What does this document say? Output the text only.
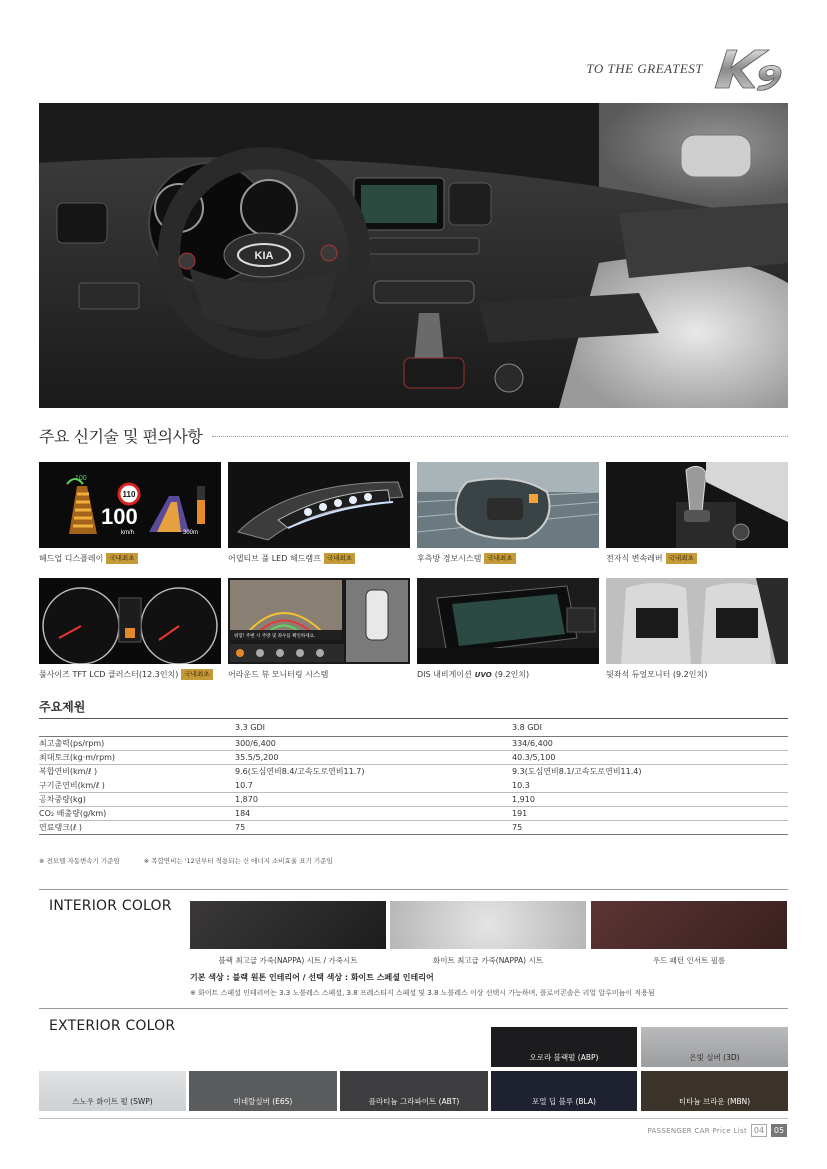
TO THE GREATEST
KIA
주요 신기술 및 편의사항
100
110
100
km/h	300m
헤드업 디스플레이 국내최초	어댑티브 풀 LED 헤드램프 국내최초	후측방 경보시스템 국내최초	전자식 변속레버 국내최초
풀사이즈 TFT LCD 클러스터(12.3인치) 국내최초
위험! 주변 시 주방 및 좌우를 확인하세요.
어라운드 뷰 모니터링 시스템	DIS 내비게이션 UVO (9.2인치)	뒷좌석 듀얼모니터 (9.2인치)
주요제원
	3.3 GDI	3.8 GDI
최고출력(ps/rpm)	300/6,400	334/6,400
최대토크(kg·m/rpm)	35.5/5,200	40.3/5,100
복합연비(km/ℓ )	9.6(도심연비8.4/고속도로연비11.7)	9.3(도심연비8.1/고속도로연비11.4)
구기준연비(km/ℓ )	10.7	10.3
공차중량(kg)	1,870	1,910
CO₂ 배출량(g/km)	184	191
연료탱크(ℓ )	75	75
※ 전모델 자동변속기 기준임	※ 복합연비는 '12년부터 적용되는 신 에너지 소비효율 표기 기준임
INTERIOR COLOR
블랙 최고급 가죽(NAPPA) 시트 / 가죽시트	화이트 최고급 가죽(NAPPA) 시트	우드 패턴 인서트 필름
기본 색상 : 블랙 원톤 인테리어 / 선택 색상 : 화이트 스페셜 인테리어
※ 화이트 스페셜 인테리어는 3.3 노블레스 스페셜, 3.8 프레스티지 스페셜 및 3.8 노블레스 이상 선택시 가능하며, 플로어콘솔은 리얼 알루미늄이 적용됨
EXTERIOR COLOR
오로라 블랙펄 (ABP)	은빛 실버 (3D)
스노우 화이트 펄 (SWP)	미네랄실버 (E6S)	플라티늄 그라파이트 (ABT)	포멀 딥 블루 (BLA)	티타늄 브라운 (MBN)
PASSENGER CAR Price List 04	05
